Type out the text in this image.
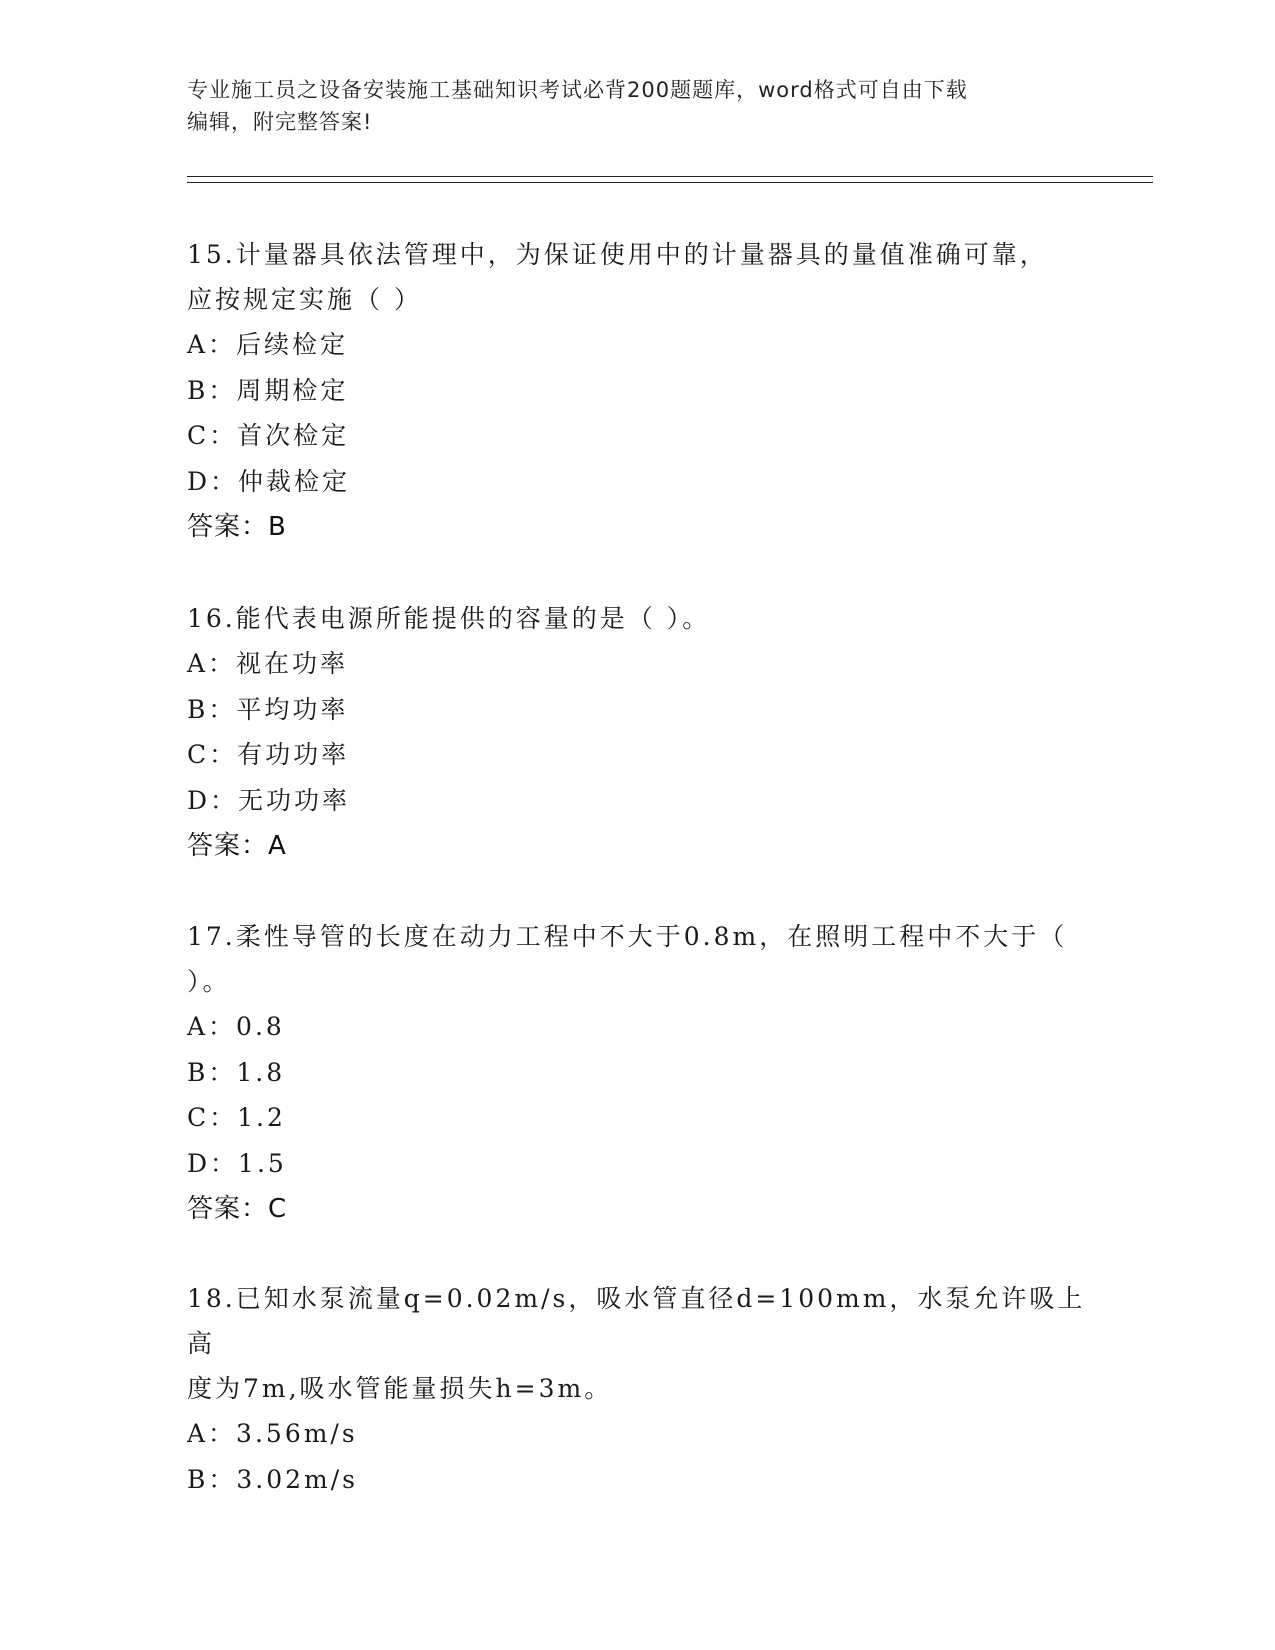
专业施工员之设备安装施工基础知识考试必背200题题库，word格式可自由下载
编辑，附完整答案!
15.计量器具依法管理中，为保证使用中的计量器具的量值准确可靠，
应按规定实施（ ）
A：后续检定
B：周期检定
C：首次检定
D：仲裁检定
答案：B
16.能代表电源所能提供的容量的是（ ）。
A：视在功率
B：平均功率
C：有功功率
D：无功功率
答案：A
17.柔性导管的长度在动力工程中不大于0.8m，在照明工程中不大于（
）。
A：0.8
B：1.8
C：1.2
D：1.5
答案：C
18.已知水泵流量q=0.02m/s，吸水管直径d=100mm，水泵允许吸上高
度为7m,吸水管能量损失h=3m。
A：3.56m/s
B：3.02m/s
